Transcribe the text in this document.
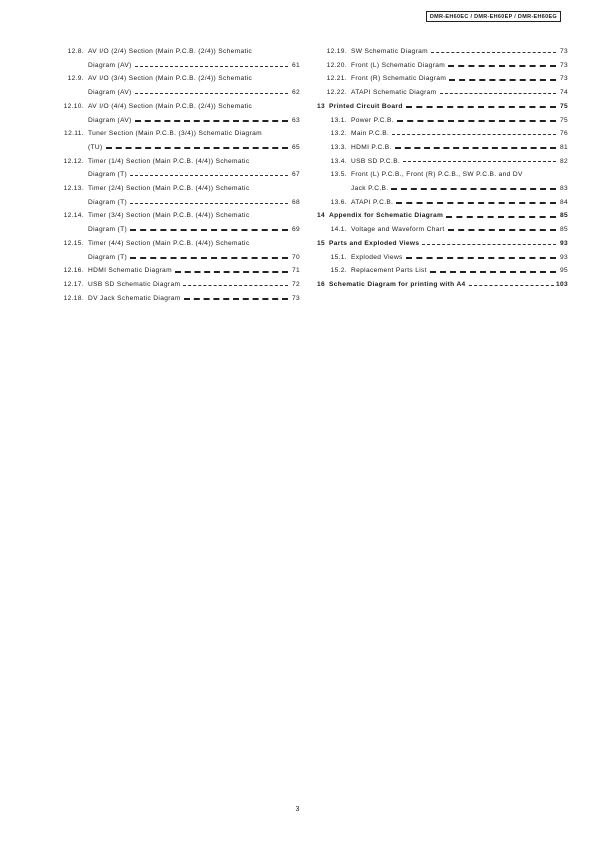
DMR-EH60EC / DMR-EH60EP / DMR-EH60EG
12.8. AV I/O (2/4) Section (Main P.C.B. (2/4)) Schematic
Diagram (AV)	61
12.9. AV I/O (3/4) Section (Main P.C.B. (2/4)) Schematic
Diagram (AV)	62
12.10. AV I/O (4/4) Section (Main P.C.B. (2/4)) Schematic
Diagram (AV)	63
12.11. Tuner Section (Main P.C.B. (3/4)) Schematic Diagram
(TU)	65
12.12. Timer (1/4) Section (Main P.C.B. (4/4)) Schematic
Diagram (T)	67
12.13. Timer (2/4) Section (Main P.C.B. (4/4)) Schematic
Diagram (T)	68
12.14. Timer (3/4) Section (Main P.C.B. (4/4)) Schematic
Diagram (T)	69
12.15. Timer (4/4) Section (Main P.C.B. (4/4)) Schematic
Diagram (T)	70
12.16. HDMI Schematic Diagram	71
12.17. USB SD Schematic Diagram	72
12.18. DV Jack Schematic Diagram	73
12.19. SW Schematic Diagram	73
12.20. Front (L) Schematic Diagram	73
12.21. Front (R) Schematic Diagram	73
12.22. ATAPI Schematic Diagram	74
13 Printed Circuit Board	75
13.1. Power P.C.B.	75
13.2. Main P.C.B.	76
13.3. HDMI P.C.B.	81
13.4. USB SD P.C.B.	82
13.5. Front (L) P.C.B., Front (R) P.C.B., SW P.C.B. and DV
Jack P.C.B.	83
13.6. ATAPI P.C.B.	84
14 Appendix for Schematic Diagram	85
14.1. Voltage and Waveform Chart	85
15 Parts and Exploded Views	93
15.1. Exploded Views	93
15.2. Replacement Parts List	95
16 Schematic Diagram for printing with A4	103
3
